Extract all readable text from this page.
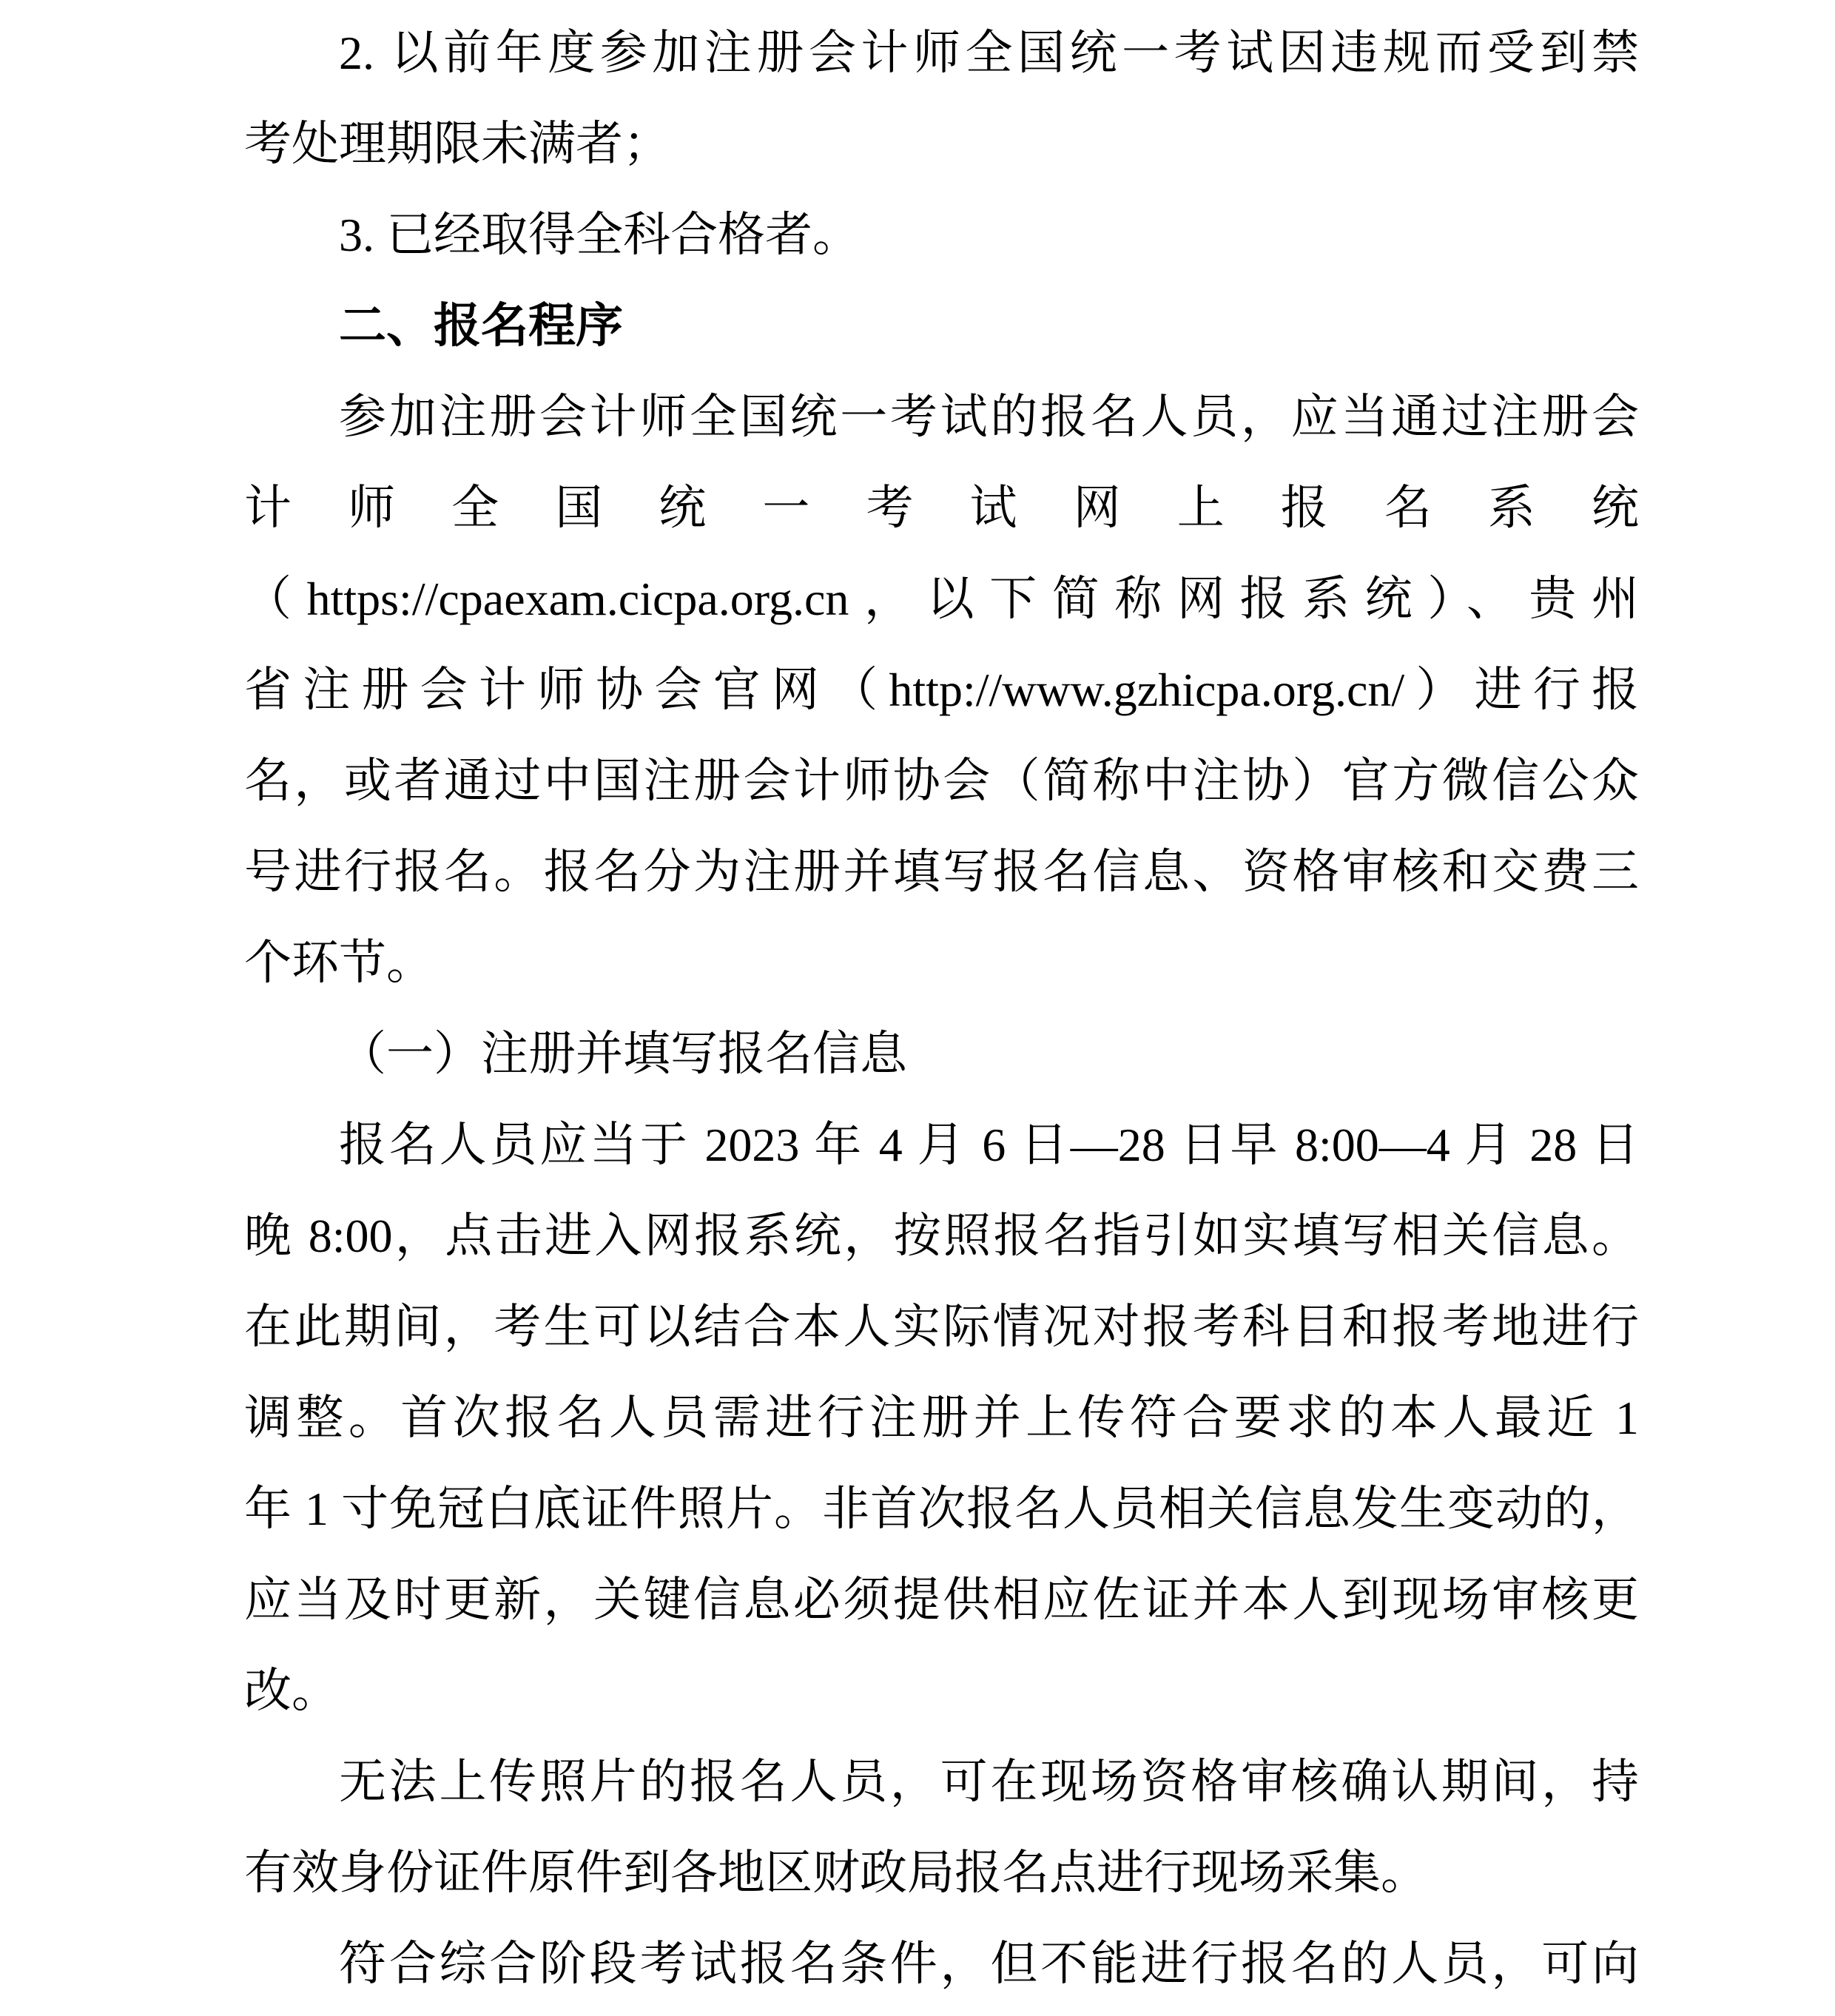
2. 以前年度参加注册会计师全国统一考试因违规而受到禁

考处理期限未满者；

3. 已经取得全科合格者。

二、报名程序

参加注册会计师全国统一考试的报名人员，应当通过注册会

计师全国统一考试网上报名系统

（https://cpaexam.cicpa.org.cn，以下简称网报系统）、贵州

省注册会计师协会官网（http://www.gzhicpa.org.cn/）进行报

名，或者通过中国注册会计师协会（简称中注协）官方微信公众

号进行报名。报名分为注册并填写报名信息、资格审核和交费三

个环节。

（一）注册并填写报名信息

报名人员应当于 2023 年 4 月 6 日—28 日早 8:00—4 月 28 日

晚 8:00，点击进入网报系统，按照报名指引如实填写相关信息。

在此期间，考生可以结合本人实际情况对报考科目和报考地进行

调整。首次报名人员需进行注册并上传符合要求的本人最近 1

年 1 寸免冠白底证件照片。非首次报名人员相关信息发生变动的，

应当及时更新，关键信息必须提供相应佐证并本人到现场审核更

改。

无法上传照片的报名人员，可在现场资格审核确认期间，持

有效身份证件原件到各地区财政局报名点进行现场采集。

符合综合阶段考试报名条件，但不能进行报名的人员，可向
